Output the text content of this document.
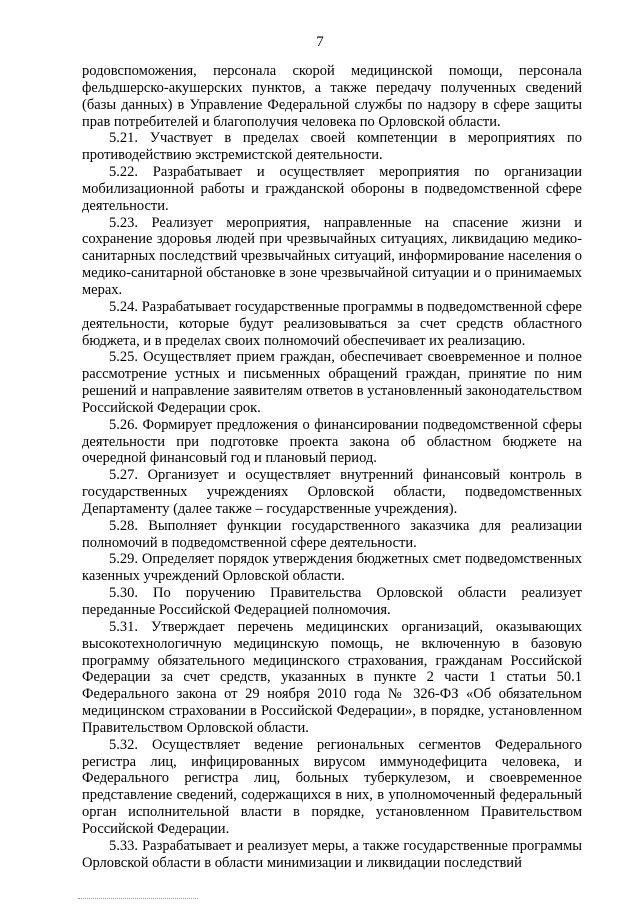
7

родовспоможения, персонала скорой медицинской помощи, персонала фельдшерско-акушерских пунктов, а также передачу полученных сведений (базы данных) в Управление Федеральной службы по надзору в сфере защиты прав потребителей и благополучия человека по Орловской области.

5.21. Участвует в пределах своей компетенции в мероприятиях по противодействию экстремистской деятельности.

5.22. Разрабатывает и осуществляет мероприятия по организации мобилизационной работы и гражданской обороны в подведомственной сфере деятельности.

5.23. Реализует мероприятия, направленные на спасение жизни и сохранение здоровья людей при чрезвычайных ситуациях, ликвидацию медико-санитарных последствий чрезвычайных ситуаций, информирование населения о медико-санитарной обстановке в зоне чрезвычайной ситуации и о принимаемых мерах.

5.24. Разрабатывает государственные программы в подведомственной сфере деятельности, которые будут реализовываться за счет средств областного бюджета, и в пределах своих полномочий обеспечивает их реализацию.

5.25. Осуществляет прием граждан, обеспечивает своевременное и полное рассмотрение устных и письменных обращений граждан, принятие по ним решений и направление заявителям ответов в установленный законодательством Российской Федерации срок.

5.26. Формирует предложения о финансировании подведомственной сферы деятельности при подготовке проекта закона об областном бюджете на очередной финансовый год и плановый период.

5.27. Организует и осуществляет внутренний финансовый контроль в государственных учреждениях Орловской области, подведомственных Департаменту (далее также – государственные учреждения).

5.28. Выполняет функции государственного заказчика для реализации полномочий в подведомственной сфере деятельности.

5.29. Определяет порядок утверждения бюджетных смет подведомственных казенных учреждений Орловской области.

5.30. По поручению Правительства Орловской области реализует переданные Российской Федерацией полномочия.

5.31. Утверждает перечень медицинских организаций, оказывающих высокотехнологичную медицинскую помощь, не включенную в базовую программу обязательного медицинского страхования, гражданам Российской Федерации за счет средств, указанных в пункте 2 части 1 статьи 50.1 Федерального закона от 29 ноября 2010 года № 326-ФЗ «Об обязательном медицинском страховании в Российской Федерации», в порядке, установленном Правительством Орловской области.

5.32. Осуществляет ведение региональных сегментов Федерального регистра лиц, инфицированных вирусом иммунодефицита человека, и Федерального регистра лиц, больных туберкулезом, и своевременное представление сведений, содержащихся в них, в уполномоченный федеральный орган исполнительной власти в порядке, установленном Правительством Российской Федерации.

5.33. Разрабатывает и реализует меры, а также государственные программы Орловской области в области минимизации и ликвидации последствий
